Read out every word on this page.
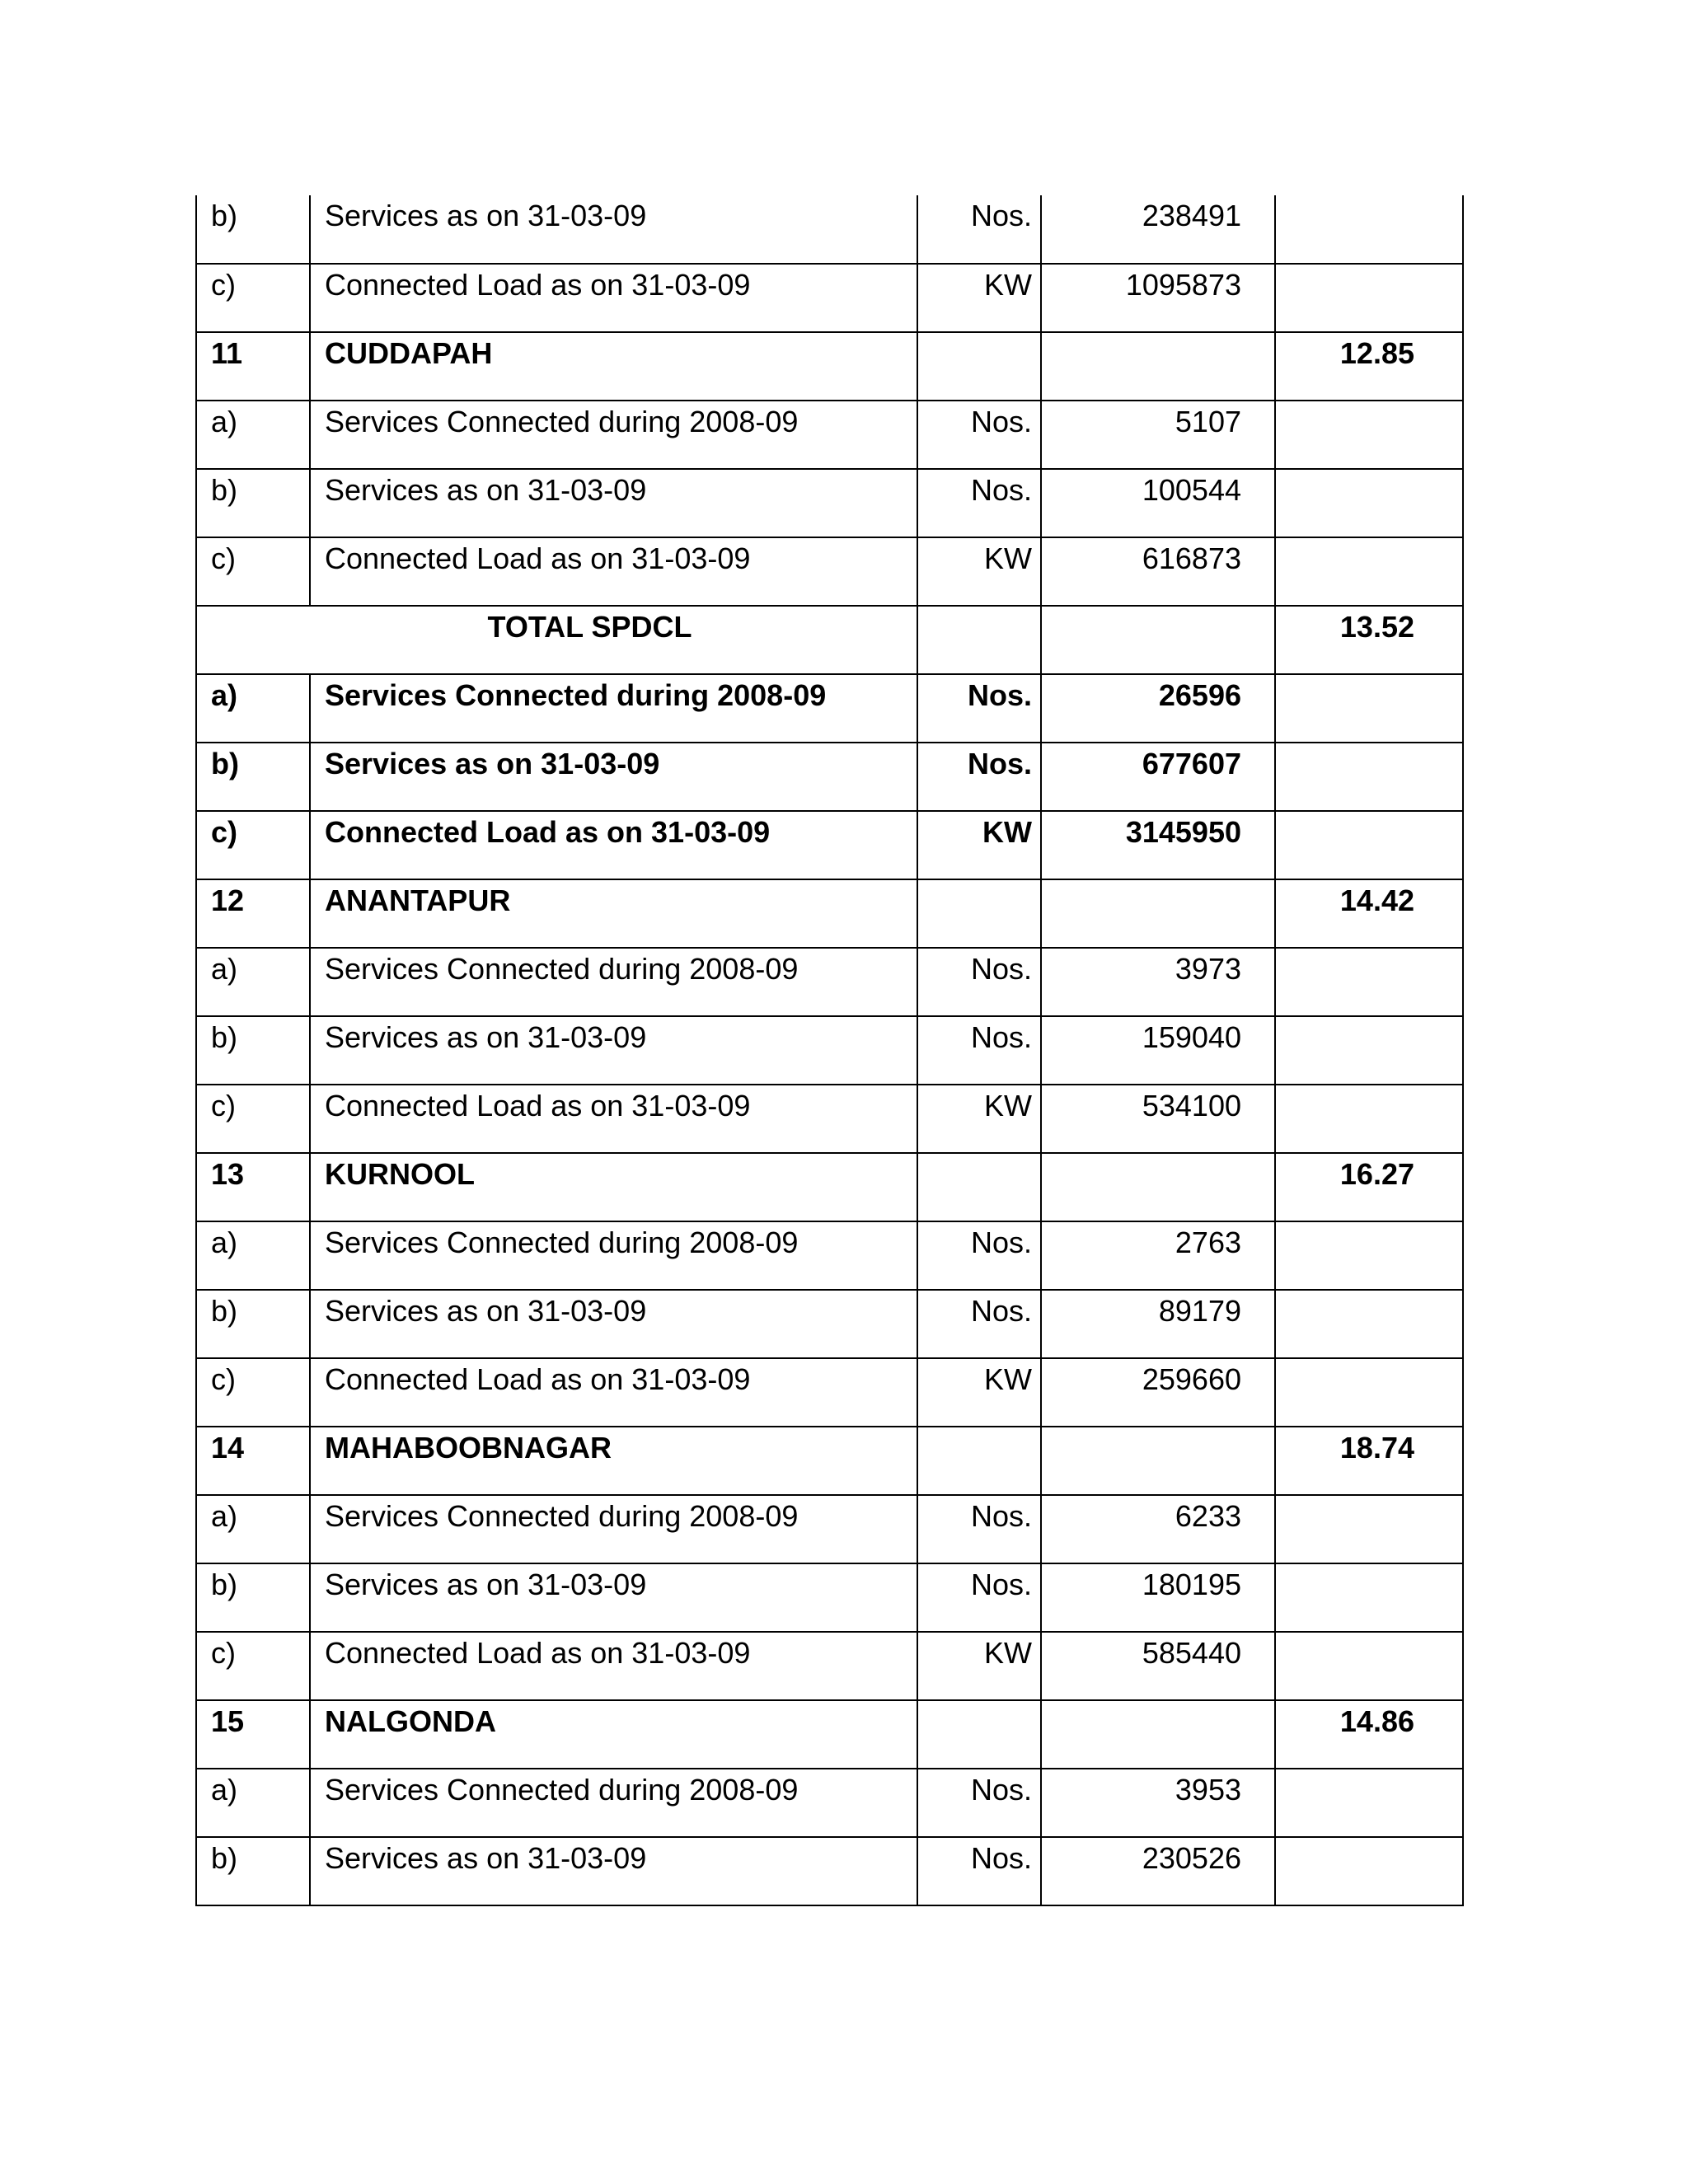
b)	Services as on 31-03-09	Nos.	238491	

c)	Connected Load as on 31-03-09	KW	1095873	

11	CUDDAPAH			12.85

a)	Services Connected during 2008-09	Nos.	5107	

b)	Services as on 31-03-09	Nos.	100544	

c)	Connected Load as on 31-03-09	KW	616873	

TOTAL SPDCL				13.52

a)	Services Connected during 2008-09	Nos.	26596	

b)	Services as on 31-03-09	Nos.	677607	

c)	Connected Load as on 31-03-09	KW	3145950	

12	ANANTAPUR			14.42

a)	Services Connected during 2008-09	Nos.	3973	

b)	Services as on 31-03-09	Nos.	159040	

c)	Connected Load as on 31-03-09	KW	534100	

13	KURNOOL			16.27

a)	Services Connected during 2008-09	Nos.	2763	

b)	Services as on 31-03-09	Nos.	89179	

c)	Connected Load as on 31-03-09	KW	259660	

14	MAHABOOBNAGAR			18.74

a)	Services Connected during 2008-09	Nos.	6233	

b)	Services as on 31-03-09	Nos.	180195	

c)	Connected Load as on 31-03-09	KW	585440	

15	NALGONDA			14.86

a)	Services Connected during 2008-09	Nos.	3953	

b)	Services as on 31-03-09	Nos.	230526	
